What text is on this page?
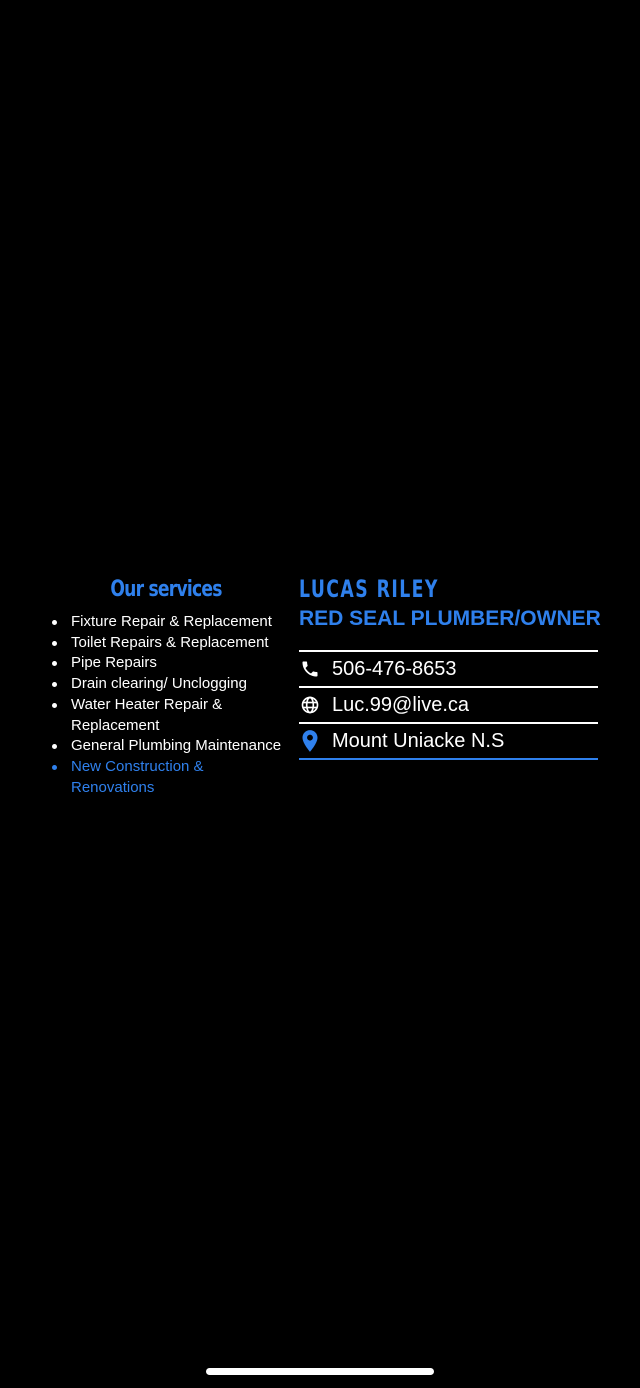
Our services
Fixture Repair & Replacement
Toilet Repairs & Replacement
Pipe Repairs
Drain clearing/ Unclogging
Water Heater Repair & Replacement
General Plumbing Maintenance
New Construction & Renovations
LUCAS RILEY
RED SEAL PLUMBER/OWNER
506-476-8653
Luc.99@live.ca
Mount Uniacke N.S
